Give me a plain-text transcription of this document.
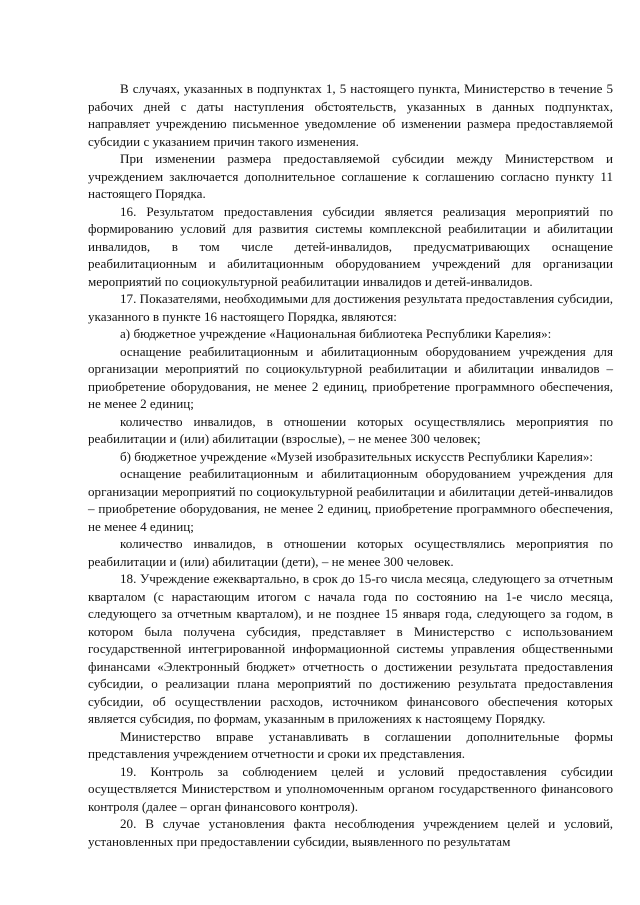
В случаях, указанных в подпунктах 1, 5 настоящего пункта, Министерство в течение 5 рабочих дней с даты наступления обстоятельств, указанных в данных подпунктах, направляет учреждению письменное уведомление об изменении размера предоставляемой субсидии с указанием причин такого изменения.

При изменении размера предоставляемой субсидии между Министерством и учреждением заключается дополнительное соглашение к соглашению согласно пункту 11 настоящего Порядка.

16. Результатом предоставления субсидии является реализация мероприятий по формированию условий для развития системы комплексной реабилитации и абилитации инвалидов, в том числе детей-инвалидов, предусматривающих оснащение реабилитационным и абилитационным оборудованием учреждений для организации мероприятий по социокультурной реабилитации инвалидов и детей-инвалидов.

17. Показателями, необходимыми для достижения результата предоставления субсидии, указанного в пункте 16 настоящего Порядка, являются:

а) бюджетное учреждение «Национальная библиотека Республики Карелия»:

оснащение реабилитационным и абилитационным оборудованием учреждения для организации мероприятий по социокультурной реабилитации и абилитации инвалидов – приобретение оборудования, не менее 2 единиц, приобретение программного обеспечения, не менее 2 единиц;

количество инвалидов, в отношении которых осуществлялись мероприятия по реабилитации и (или) абилитации (взрослые), – не менее 300 человек;

б) бюджетное учреждение «Музей изобразительных искусств Республики Карелия»:

оснащение реабилитационным и абилитационным оборудованием учреждения для организации мероприятий по социокультурной реабилитации и абилитации детей-инвалидов – приобретение оборудования, не менее 2 единиц, приобретение программного обеспечения, не менее 4 единиц;

количество инвалидов, в отношении которых осуществлялись мероприятия по реабилитации и (или) абилитации (дети), – не менее 300 человек.

18. Учреждение ежеквартально, в срок до 15-го числа месяца, следующего за отчетным кварталом (с нарастающим итогом с начала года по состоянию на 1-е число месяца, следующего за отчетным кварталом), и не позднее 15 января года, следующего за годом, в котором была получена субсидия, представляет в Министерство с использованием государственной интегрированной информационной системы управления общественными финансами «Электронный бюджет» отчетность о достижении результата предоставления субсидии, о реализации плана мероприятий по достижению результата предоставления субсидии, об осуществлении расходов, источником финансового обеспечения которых является субсидия, по формам, указанным в приложениях к настоящему Порядку.

Министерство вправе устанавливать в соглашении дополнительные формы представления учреждением отчетности и сроки их представления.

19. Контроль за соблюдением целей и условий предоставления субсидии осуществляется Министерством и уполномоченным органом государственного финансового контроля (далее – орган финансового контроля).

20. В случае установления факта несоблюдения учреждением целей и условий, установленных при предоставлении субсидии, выявленного по результатам
